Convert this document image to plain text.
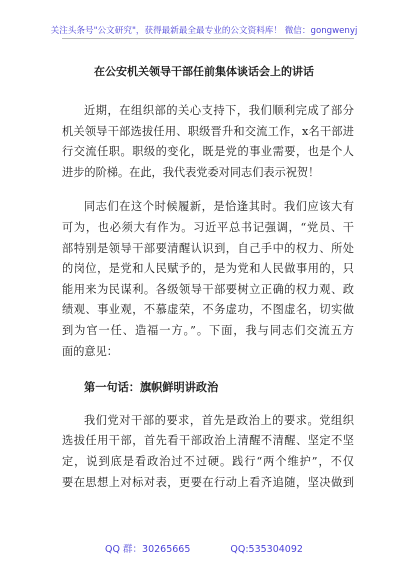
关注头条号"公文研究"，获得最新最全最专业的公文资料库！ 微信：gongwenyj
在公安机关领导干部任前集体谈话会上的讲话
近期，在组织部的关心支持下，我们顺利完成了部分
机关领导干部选拔任用、职级晋升和交流工作，x名干部进
行交流任职。职级的变化，既是党的事业需要，也是个人
进步的阶梯。在此，我代表党委对同志们表示祝贺！
同志们在这个时候履新，是恰逢其时。我们应该大有
可为，也必须大有作为。习近平总书记强调，“党员、干
部特别是领导干部要清醒认识到，自己手中的权力、所处
的岗位，是党和人民赋予的，是为党和人民做事用的，只
能用来为民谋利。各级领导干部要树立正确的权力观、政
绩观、事业观，不慕虚荣，不务虚功，不图虚名，切实做
第一句话：旗帜鲜明讲政治
我们党对干部的要求，首先是政治上的要求。党组织
选拔任用干部，首先看干部政治上清醒不清醒、坚定不坚
定，说到底是看政治过不过硬。践行“两个维护”，不仅
要在思想上对标对表，更要在行动上看齐追随，坚决做到
QQ 群：30265665	QQ:535304092
到为官一任、造福一方。”。下面，我与同志们交流五方
面的意见：
